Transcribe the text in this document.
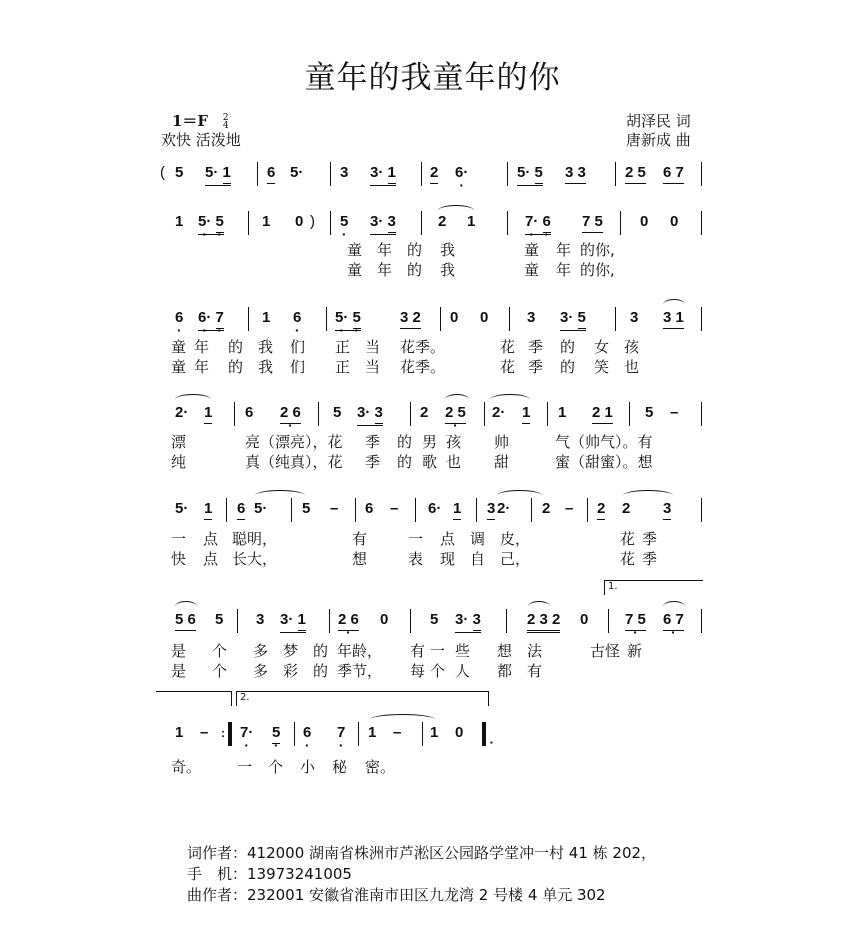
童年的我童年的你
1＝F 2
4
欢快 活泼地
胡泽民 词
唐新成 曲
( 5 5· 1 6 5· 3 3· 1 2 6· ·	5· 5 3 3	2 5 6 7
1 5· · 5 ·	1 0 ) 5 · 3· 3	2 1	7· · 6 · 7 5 0 0
童 年 的 我	童 年 的你,
童 年 的 我	童 年 的你,
6 · 6· · 7 ·	1 6 · 5· · 5 ·	3 2 0 0	3 3· 5	3 3 1
童 年 的 我 们 正 当 花季。	花 季 的 女 孩
童 年 的 我 们 正 当 花季。	花 季 的 笑 也
2· 1 6 2 6 · 5 3· 3 2 2 5 · 2· 1 1 2 1 5 –
漂	亮（漂亮），花 季 的 男 孩 帅	气（帅气）。有
纯	真（纯真），花 季 的 歌 也 甜	蜜（甜蜜）。想
5· 1 6 5· 5 – 6 – 6· 1 3 2· 2 – 2 2 3
一 点 聪明，	有	一 点 调 皮，	花 季
快 点 长大，	想	表 现 自 己，	花 季
1.
5 6 5 3 3· 1 2 6 · 0	5 3· 3	2 3 2 0 7 5 · 6 7 ·
是 个 多 梦 的 年龄， 有 一 些 想 法	古怪 新
是 个 多 彩 的 季节， 每 个 人 都 有
2.
1 – : 7· · 5 · 6 · 7 · 1 – 1 0
▪
奇。 一 个 小 秘 密。
词作者：412000 湖南省株洲市芦淞区公园路学堂冲一村 41 栋 202，
手　机：13973241005
曲作者：232001 安徽省淮南市田区九龙湾 2 号楼 4 单元 302
